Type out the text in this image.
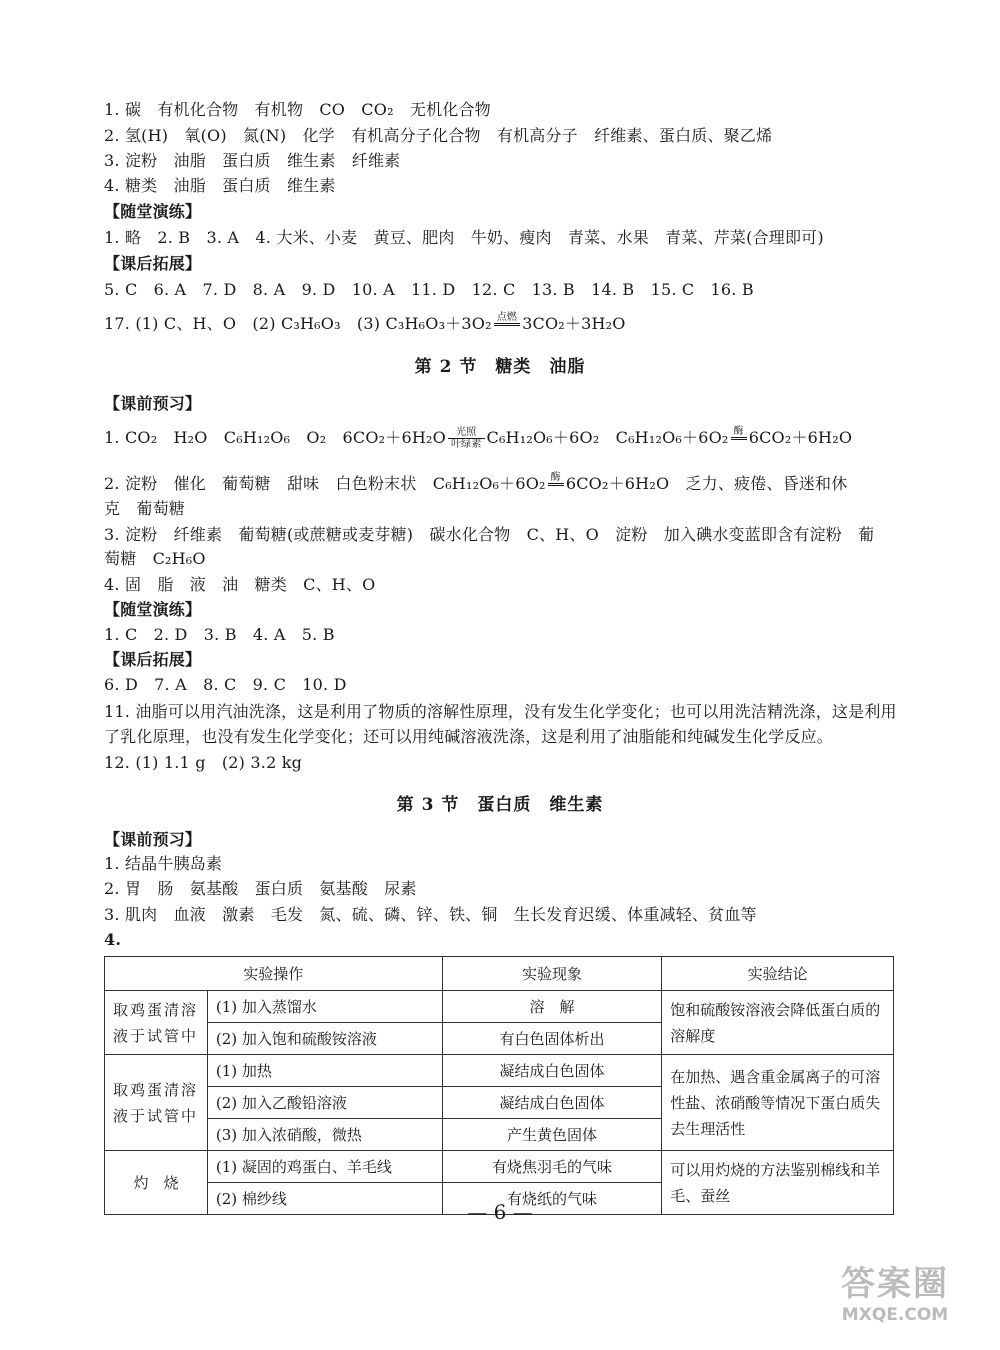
1. 碳　有机化合物　有机物　CO　CO₂　无机化合物
2. 氢(H)　氧(O)　氮(N)　化学　有机高分子化合物　有机高分子　纤维素、蛋白质、聚乙烯
3. 淀粉　油脂　蛋白质　维生素　纤维素
4. 糖类　油脂　蛋白质　维生素
【随堂演练】
1. 略　2. B　3. A　4. 大米、小麦　黄豆、肥肉　牛奶、瘦肉　青菜、水果　青菜、芹菜(合理即可)
【课后拓展】
5. C　6. A　7. D　8. A　9. D　10. A　11. D　12. C　13. B　14. B　15. C　16. B
17. (1) C、H、O　(2) C₃H₆O₃　(3) C₃H₆O₃＋3O₂ 点燃
3CO₂＋3H₂O
第 2 节　糖类　油脂
【课前预习】
1. CO₂　H₂O　C₆H₁₂O₆　O₂　6CO₂＋6H₂O	光照
叶绿素 C₆H₁₂O₆＋6O₂　C₆H₁₂O₆＋6O₂ 酶
6CO₂＋6H₂O
2. 淀粉　催化　葡萄糖　甜味　白色粉末状　C₆H₁₂O₆＋6O₂ 酶
6CO₂＋6H₂O　乏力、疲倦、昏迷和休
克　葡萄糖
3. 淀粉　纤维素　葡萄糖(或蔗糖或麦芽糖)　碳水化合物　C、H、O　淀粉　加入碘水变蓝即含有淀粉　葡
萄糖　C₂H₆O
4. 固　脂　液　油　糖类　C、H、O
【随堂演练】
1. C　2. D　3. B　4. A　5. B
【课后拓展】
6. D　7. A　8. C　9. C　10. D
11. 油脂可以用汽油洗涤，这是利用了物质的溶解性原理，没有发生化学变化；也可以用洗洁精洗涤，这是利用了乳化原理，也没有发生化学变化；还可以用纯碱溶液洗涤，这是利用了油脂能和纯碱发生化学反应。
12. (1) 1.1 g　(2) 3.2 kg
第 3 节　蛋白质　维生素
【课前预习】
1. 结晶牛胰岛素
2. 胃　肠　氨基酸　蛋白质　氨基酸　尿素
3. 肌肉　血液　激素　毛发　氮、硫、磷、锌、铁、铜　生长发育迟缓、体重减轻、贫血等
4.
实验操作		实验现象	实验结论
取鸡蛋清溶液于试管中	(1) 加入蒸馏水	溶　解	饱和硫酸铵溶液会降低蛋白质的溶解度
	(2) 加入饱和硫酸铵溶液	有白色固体析出	
取鸡蛋清溶液于试管中	(1) 加热	凝结成白色固体	在加热、遇含重金属离子的可溶性盐、浓硝酸等情况下蛋白质失去生理活性
	(2) 加入乙酸铅溶液	凝结成白色固体	
	(3) 加入浓硝酸，微热	产生黄色固体	
灼　烧	(1) 凝固的鸡蛋白、羊毛线	有烧焦羽毛的气味	可以用灼烧的方法鉴别棉线和羊毛、蚕丝
	(2) 棉纱线	有烧纸的气味	
— 6 —
答案圈
MXQE.COM
